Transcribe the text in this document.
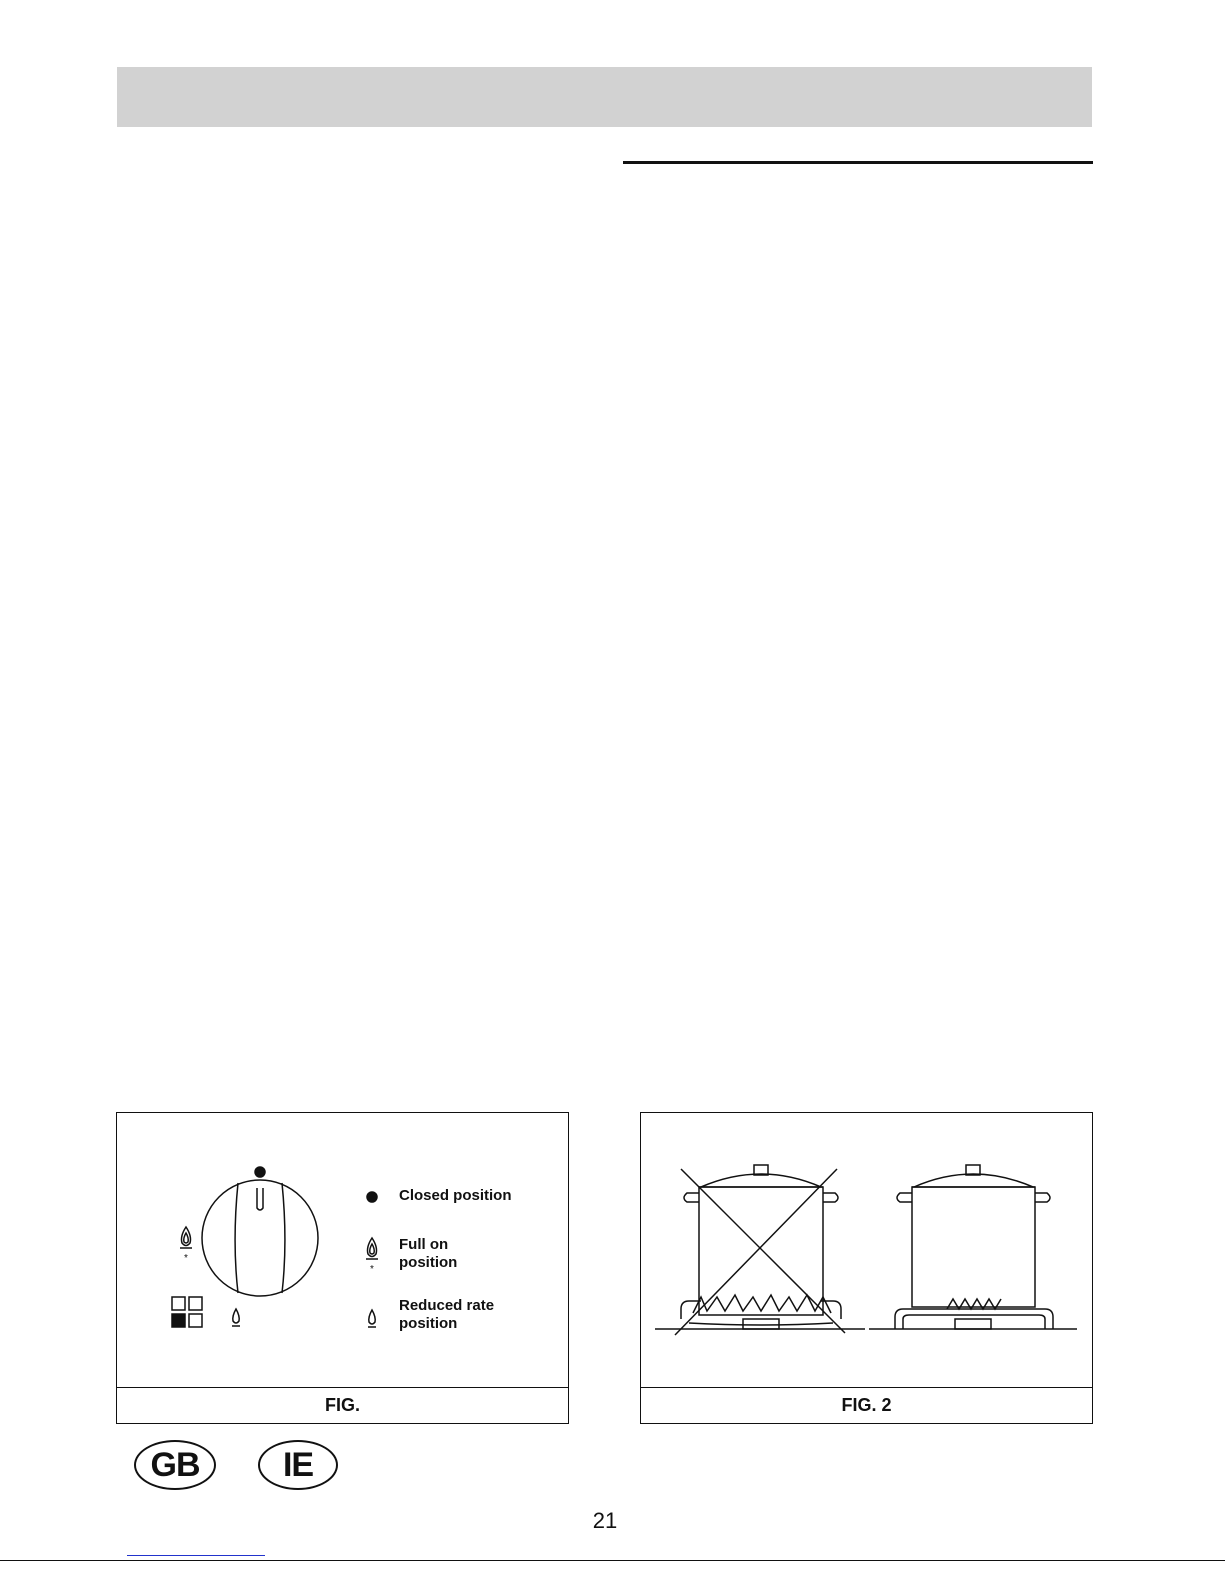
*
*
Closed position
Full on
position
Reduced rate
position
FIG.	FIG. 2
GB	IE
21
